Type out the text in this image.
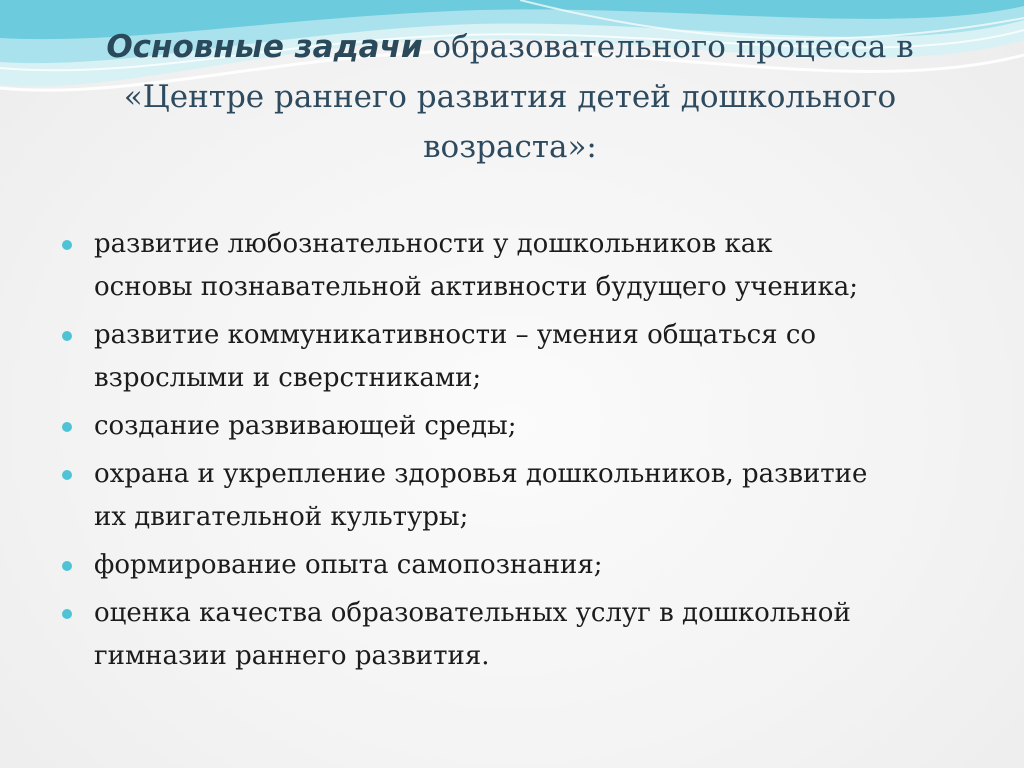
Основные задачи образовательного процесса в
«Центре раннего развития детей дошкольного
возраста»:
развитие любознательности у дошкольников как
основы познавательной активности будущего ученика;
развитие коммуникативности – умения общаться со
взрослыми и сверстниками;
создание развивающей среды;
охрана и укрепление здоровья дошкольников, развитие
их двигательной культуры;
формирование опыта самопознания;
оценка качества образовательных услуг в дошкольной
гимназии раннего развития.
